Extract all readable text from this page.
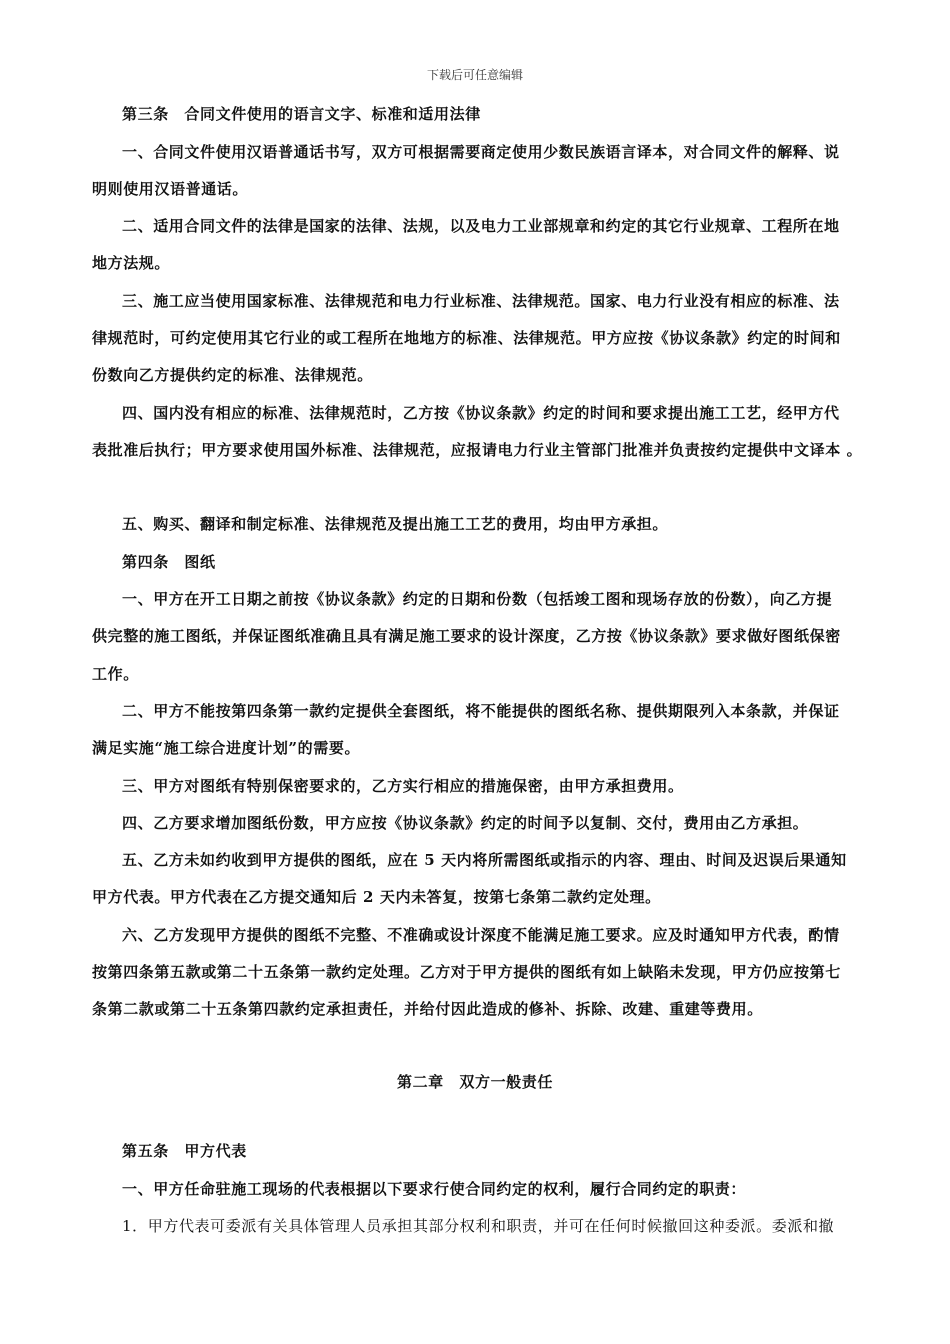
下载后可任意编辑
第三条　合同文件使用的语言文字、标准和适用法律
一、合同文件使用汉语普通话书写，双方可根据需要商定使用少数民族语言译本，对合同文件的解释、说
明则使用汉语普通话。
二、适用合同文件的法律是国家的法律、法规，以及电力工业部规章和约定的其它行业规章、工程所在地
地方法规。
三、施工应当使用国家标准、法律规范和电力行业标准、法律规范。国家、电力行业没有相应的标准、法
律规范时，可约定使用其它行业的或工程所在地地方的标准、法律规范。甲方应按《协议条款》约定的时间和
份数向乙方提供约定的标准、法律规范。
四、国内没有相应的标准、法律规范时，乙方按《协议条款》约定的时间和要求提出施工工艺，经甲方代
表批准后执行；甲方要求使用国外标准、法律规范，应报请电力行业主管部门批准并负责按约定提供中文译本 。
五、购买、翻译和制定标准、法律规范及提出施工工艺的费用，均由甲方承担。
第四条　图纸
一、甲方在开工日期之前按《协议条款》约定的日期和份数（包括竣工图和现场存放的份数），向乙方提
供完整的施工图纸，并保证图纸准确且具有满足施工要求的设计深度，乙方按《协议条款》要求做好图纸保密
工作。
二、甲方不能按第四条第一款约定提供全套图纸，将不能提供的图纸名称、提供期限列入本条款，并保证
满足实施“施工综合进度计划”的需要。
三、甲方对图纸有特别保密要求的，乙方实行相应的措施保密，由甲方承担费用。
四、乙方要求增加图纸份数，甲方应按《协议条款》约定的时间予以复制、交付，费用由乙方承担。
五、乙方未如约收到甲方提供的图纸，应在 5 天内将所需图纸或指示的内容、理由、时间及迟误后果通知
甲方代表。甲方代表在乙方提交通知后 2 天内未答复，按第七条第二款约定处理。
六、乙方发现甲方提供的图纸不完整、不准确或设计深度不能满足施工要求。应及时通知甲方代表，酌情
按第四条第五款或第二十五条第一款约定处理。乙方对于甲方提供的图纸有如上缺陷未发现，甲方仍应按第七
条第二款或第二十五条第四款约定承担责任，并给付因此造成的修补、拆除、改建、重建等费用。
第二章　双方一般责任
第五条　甲方代表
一、甲方任命驻施工现场的代表根据以下要求行使合同约定的权利，履行合同约定的职责：
1．甲方代表可委派有关具体管理人员承担其部分权利和职责，并可在任何时候撤回这种委派。委派和撤
